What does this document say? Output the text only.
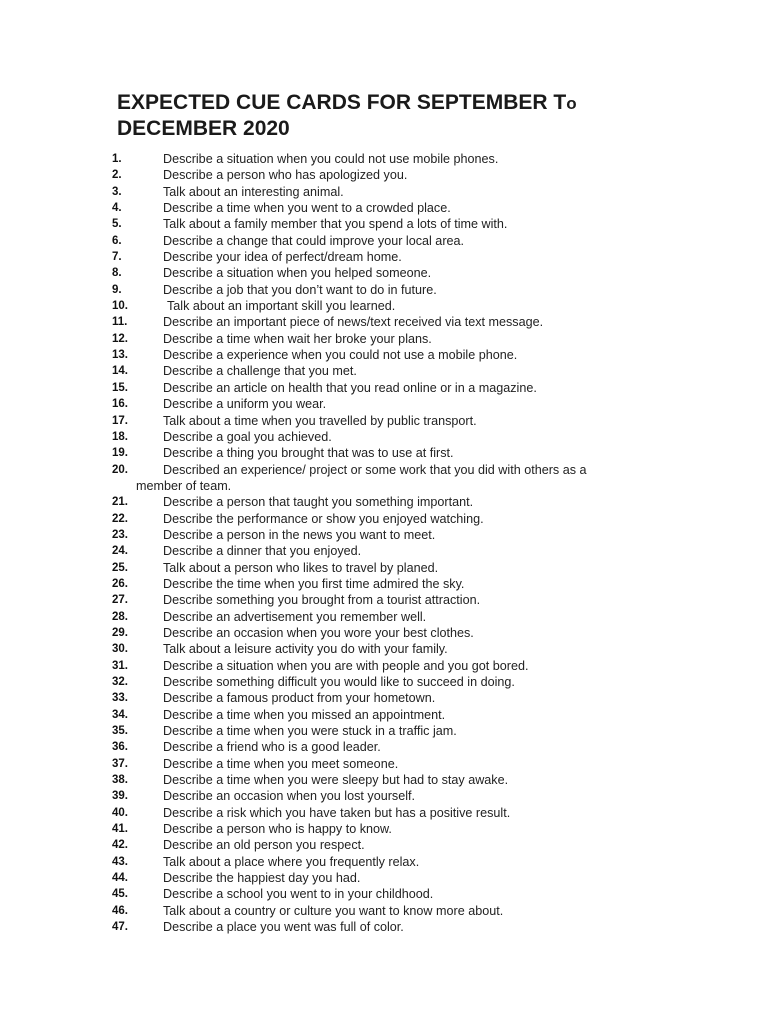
EXPECTED CUE CARDS FOR SEPTEMBER To
DECEMBER 2020
1.	Describe a situation when you could not use mobile phones.
2.	Describe a person who has apologized you.
3.	Talk about an interesting animal.
4.	Describe a time when you went to a crowded place.
5.	Talk about a family member that you spend a lots of time with.
6.	Describe a change that could improve your local area.
7.	Describe your idea of perfect/dream home.
8.	Describe a situation when you helped someone.
9.	Describe a job that you don’t want to do in future.
10.	Talk about an important skill you learned.
11.	Describe an important piece of news/text received via text message.
12.	Describe a time when wait her broke your plans.
13.	Describe a experience when you could not use a mobile phone.
14.	Describe a challenge that you met.
15.	Describe an article on health that you read online or in a magazine.
16.	Describe a uniform you wear.
17.	Talk about a time when you travelled by public transport.
18.	Describe a goal you achieved.
19.	Describe a thing you brought that was to use at first.
20.	Described an experience/ project or some work that you did with others as a
member of team.
21.	Describe a person that taught you something important.
22.	Describe the performance or show you enjoyed watching.
23.	Describe a person in the news you want to meet.
24.	Describe a dinner that you enjoyed.
25.	Talk about a person who likes to travel by planed.
26.	Describe the time when you first time admired the sky.
27.	Describe something you brought from a tourist attraction.
28.	Describe an advertisement you remember well.
29.	Describe an occasion when you wore your best clothes.
30.	Talk about a leisure activity you do with your family.
31.	Describe a situation when you are with people and you got bored.
32.	Describe something difficult you would like to succeed in doing.
33.	Describe a famous product from your hometown.
34.	Describe a time when you missed an appointment.
35.	Describe a time when you were stuck in a traffic jam.
36.	Describe a friend who is a good leader.
37.	Describe a time when you meet someone.
38.	Describe a time when you were sleepy but had to stay awake.
39.	Describe an occasion when you lost yourself.
40.	Describe a risk which you have taken but has a positive result.
41.	Describe a person who is happy to know.
42.	Describe an old person you respect.
43.	Talk about a place where you frequently relax.
44.	Describe the happiest day you had.
45.	Describe a school you went to in your childhood.
46.	Talk about a country or culture you want to know more about.
47.	Describe a place you went was full of color.
